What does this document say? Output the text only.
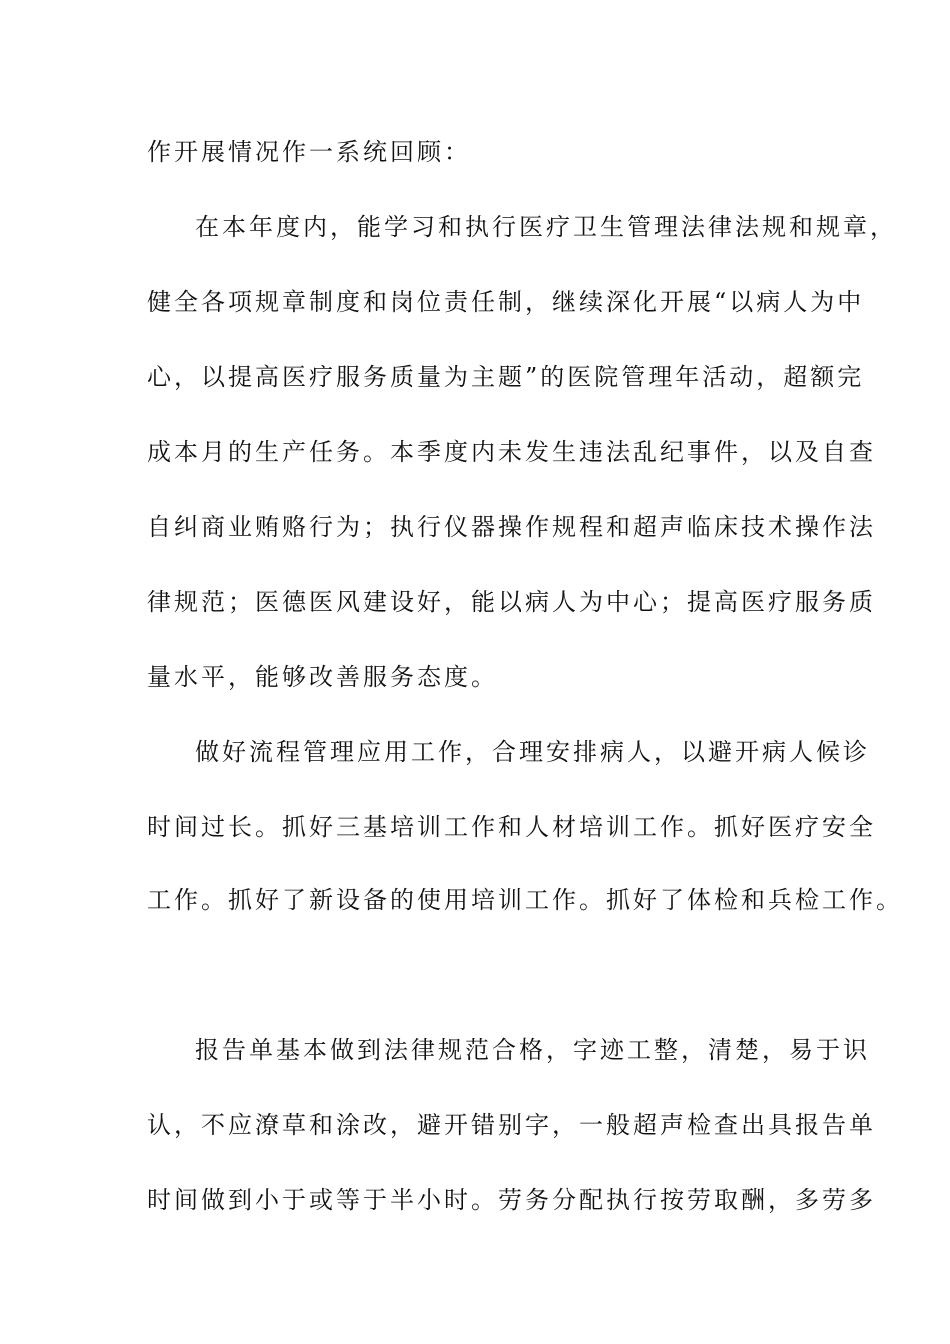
作开展情况作一系统回顾：
在本年度内，能学习和执行医疗卫生管理法律法规和规章，
健全各项规章制度和岗位责任制，继续深化开展“以病人为中
心，以提高医疗服务质量为主题”的医院管理年活动，超额完
成本月的生产任务。本季度内未发生违法乱纪事件，以及自查
自纠商业贿赂行为；执行仪器操作规程和超声临床技术操作法
律规范；医德医风建设好，能以病人为中心；提高医疗服务质
量水平，能够改善服务态度。
做好流程管理应用工作，合理安排病人，以避开病人候诊
时间过长。抓好三基培训工作和人材培训工作。抓好医疗安全
工作。抓好了新设备的使用培训工作。抓好了体检和兵检工作。
报告单基本做到法律规范合格，字迹工整，清楚，易于识
认，不应潦草和涂改，避开错别字，一般超声检查出具报告单
时间做到小于或等于半小时。劳务分配执行按劳取酬，多劳多
